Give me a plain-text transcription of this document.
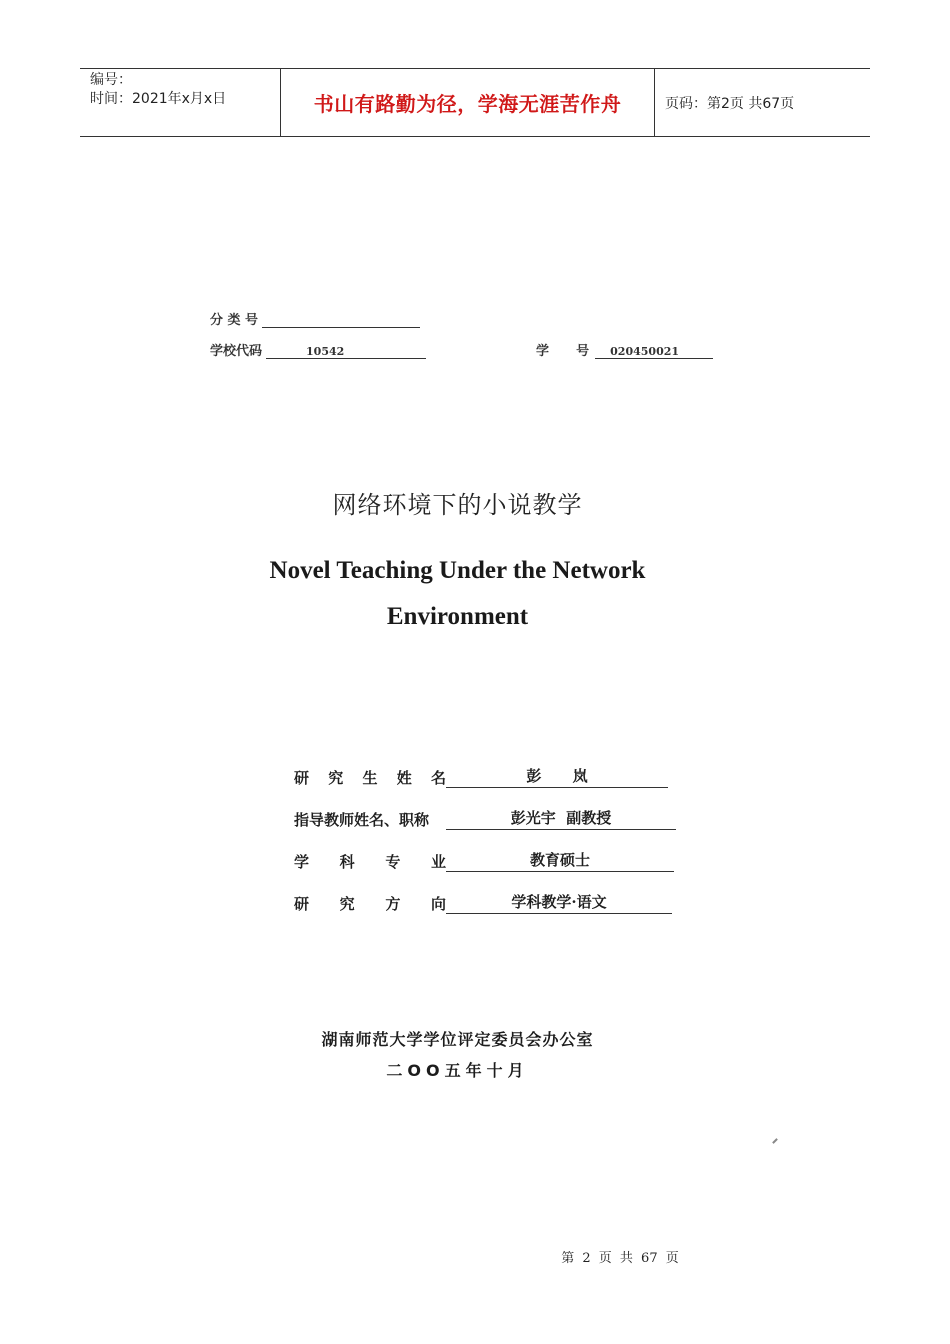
编号：
时间：2021年x月x日	书山有路勤为径，学海无涯苦作舟	页码：第2页 共67页
分 类 号
学校代码	10542	学      号	020450021
网络环境下的小说教学
Novel Teaching Under the Network
Environment
研 究 生 姓 名	彭      岚
指导教师姓名、职称	彭光宇  副教授
学 科 专 业	教育硕士
研 究 方 向	学科教学·语文
湖南师范大学学位评定委员会办公室
二OO五年十月
第 2 页 共 67 页
